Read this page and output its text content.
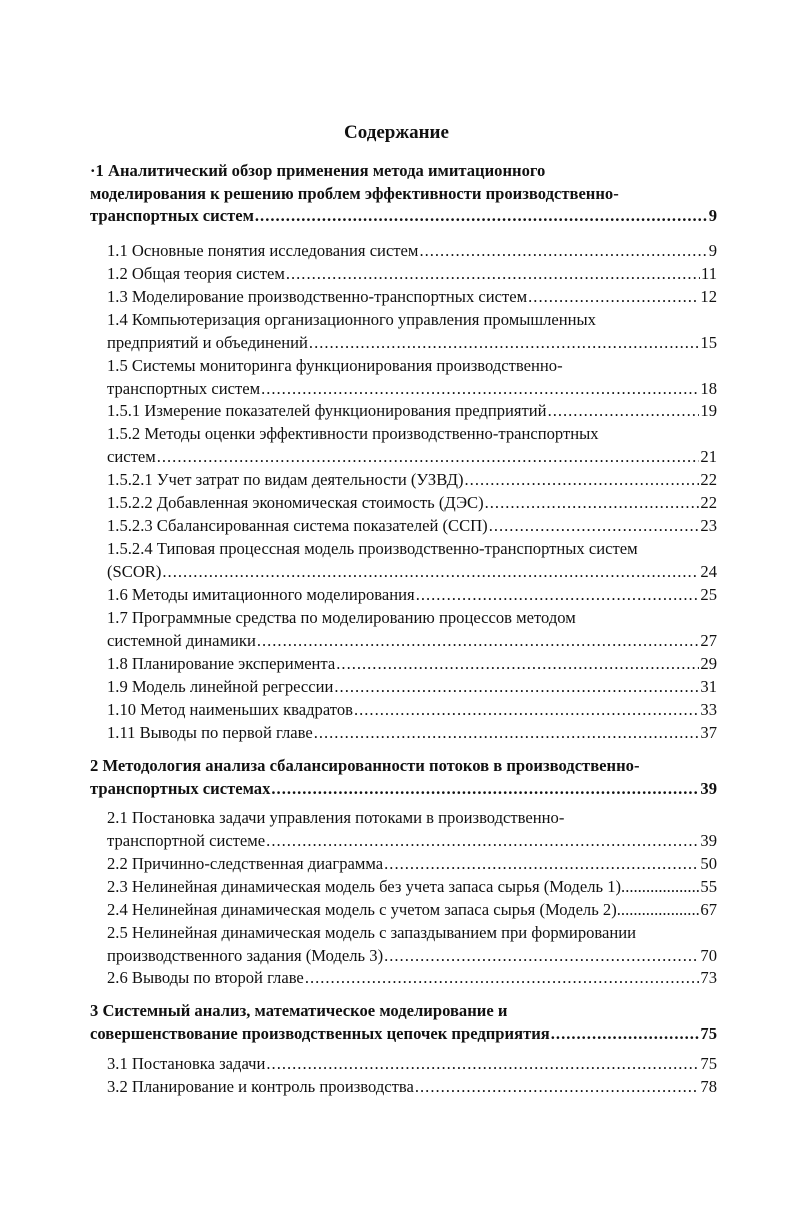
Содержание
·1 Аналитический обзор применения метода имитационного
моделирования к решению проблем эффективности производственно-
транспортных систем .....	9
1.1 Основные понятия исследования систем .....	9
1.2 Общая теория систем .....	11
1.3 Моделирование производственно-транспортных систем .....	12
1.4 Компьютеризация организационного управления промышленных
предприятий и объединений .....	15
1.5 Системы мониторинга функционирования производственно-
транспортных систем .....	18
1.5.1 Измерение показателей функционирования предприятий .....	19
1.5.2 Методы оценки эффективности производственно-транспортных
систем .....	21
1.5.2.1 Учет затрат по видам деятельности (УЗВД) .....	22
1.5.2.2 Добавленная экономическая стоимость (ДЭС) .....	22
1.5.2.3 Сбалансированная система показателей (ССП) .....	23
1.5.2.4 Типовая процессная модель производственно-транспортных систем
(SCOR) .....	24
1.6 Методы имитационного моделирования .....	25
1.7 Программные средства по моделированию процессов методом
системной динамики .....	27
1.8 Планирование эксперимента .....	29
1.9 Модель линейной регрессии .....	31
1.10 Метод наименьших квадратов .....	33
1.11 Выводы по первой главе .....	37
2 Методология анализа сбалансированности потоков в производственно-
транспортных системах .....	39
2.1 Постановка задачи управления потоками в производственно-
транспортной системе .....	39
2.2 Причинно-следственная диаграмма .....	50
2.3 Нелинейная динамическая модель без учета запаса сырья (Модель 1) .....	55
2.4 Нелинейная динамическая модель с учетом запаса сырья (Модель 2) .....	67
2.5 Нелинейная динамическая модель с запаздыванием при формировании
производственного задания (Модель 3) .....	70
2.6 Выводы по второй главе .....	73
3 Системный анализ, математическое моделирование и
совершенствование производственных цепочек предприятия .....	75
3.1 Постановка задачи .....	75
3.2 Планирование и контроль производства .....	78
